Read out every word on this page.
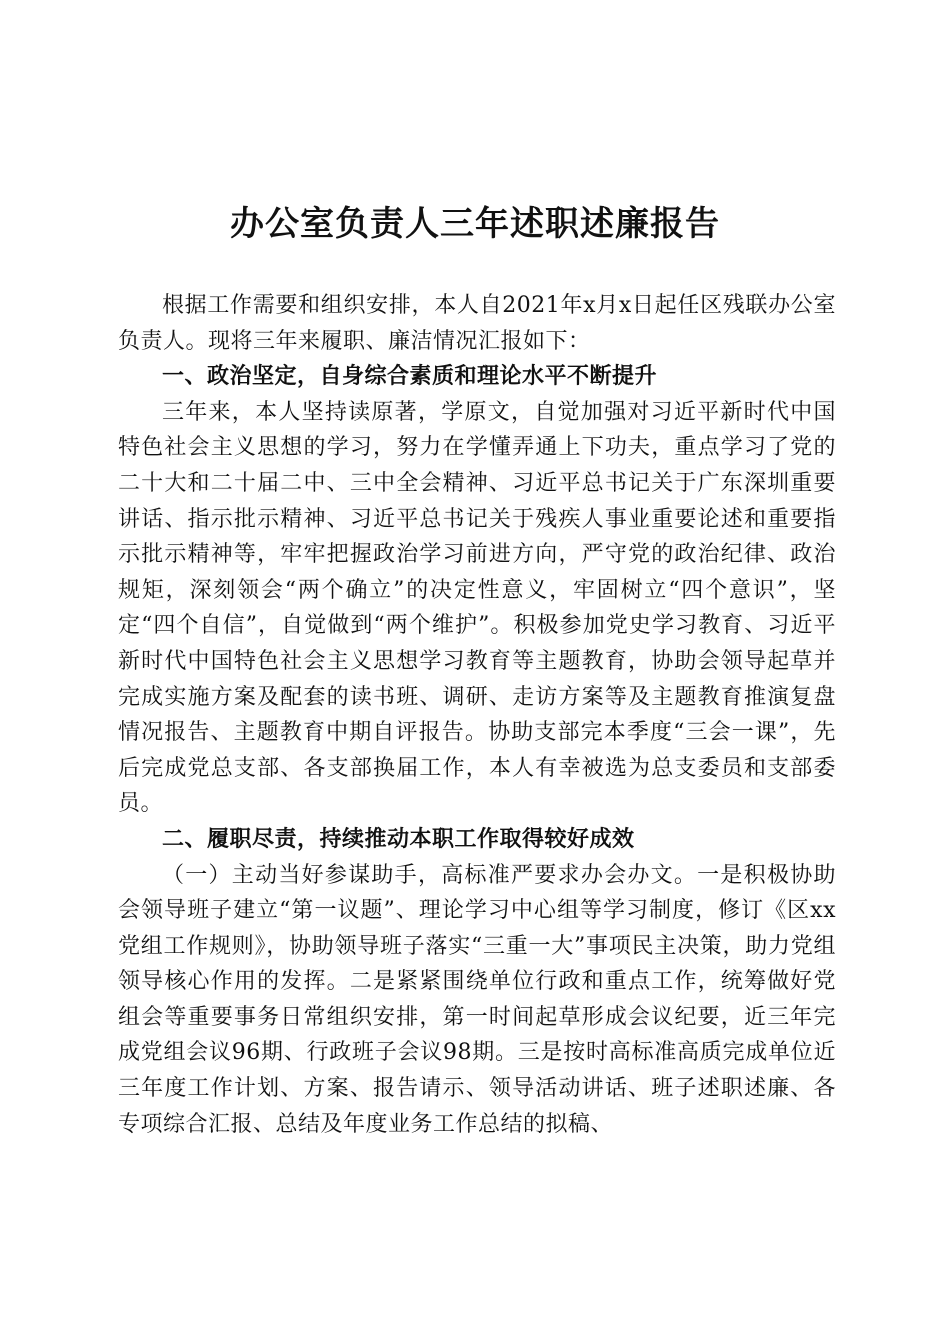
办公室负责人三年述职述廉报告

根据工作需要和组织安排，本人自2021年x月x日起任区残联办公室负责人。现将三年来履职、廉洁情况汇报如下：

一、政治坚定，自身综合素质和理论水平不断提升

三年来，本人坚持读原著，学原文，自觉加强对习近平新时代中国特色社会主义思想的学习，努力在学懂弄通上下功夫，重点学习了党的二十大和二十届二中、三中全会精神、习近平总书记关于广东深圳重要讲话、指示批示精神、习近平总书记关于残疾人事业重要论述和重要指示批示精神等，牢牢把握政治学习前进方向，严守党的政治纪律、政治规矩，深刻领会“两个确立”的决定性意义，牢固树立“四个意识”，坚定“四个自信”，自觉做到“两个维护”。积极参加党史学习教育、习近平新时代中国特色社会主义思想学习教育等主题教育，协助会领导起草并完成实施方案及配套的读书班、调研、走访方案等及主题教育推演复盘情况报告、主题教育中期自评报告。协助支部完本季度“三会一课”，先后完成党总支部、各支部换届工作，本人有幸被选为总支委员和支部委员。

二、履职尽责，持续推动本职工作取得较好成效

（一）主动当好参谋助手，高标准严要求办会办文。一是积极协助会领导班子建立“第一议题”、理论学习中心组等学习制度，修订《区xx党组工作规则》，协助领导班子落实“三重一大”事项民主决策，助力党组领导核心作用的发挥。二是紧紧围绕单位行政和重点工作，统筹做好党组会等重要事务日常组织安排，第一时间起草形成会议纪要，近三年完成党组会议96期、行政班子会议98期。三是按时高标准高质完成单位近三年度工作计划、方案、报告请示、领导活动讲话、班子述职述廉、各专项综合汇报、总结及年度业务工作总结的拟稿、
